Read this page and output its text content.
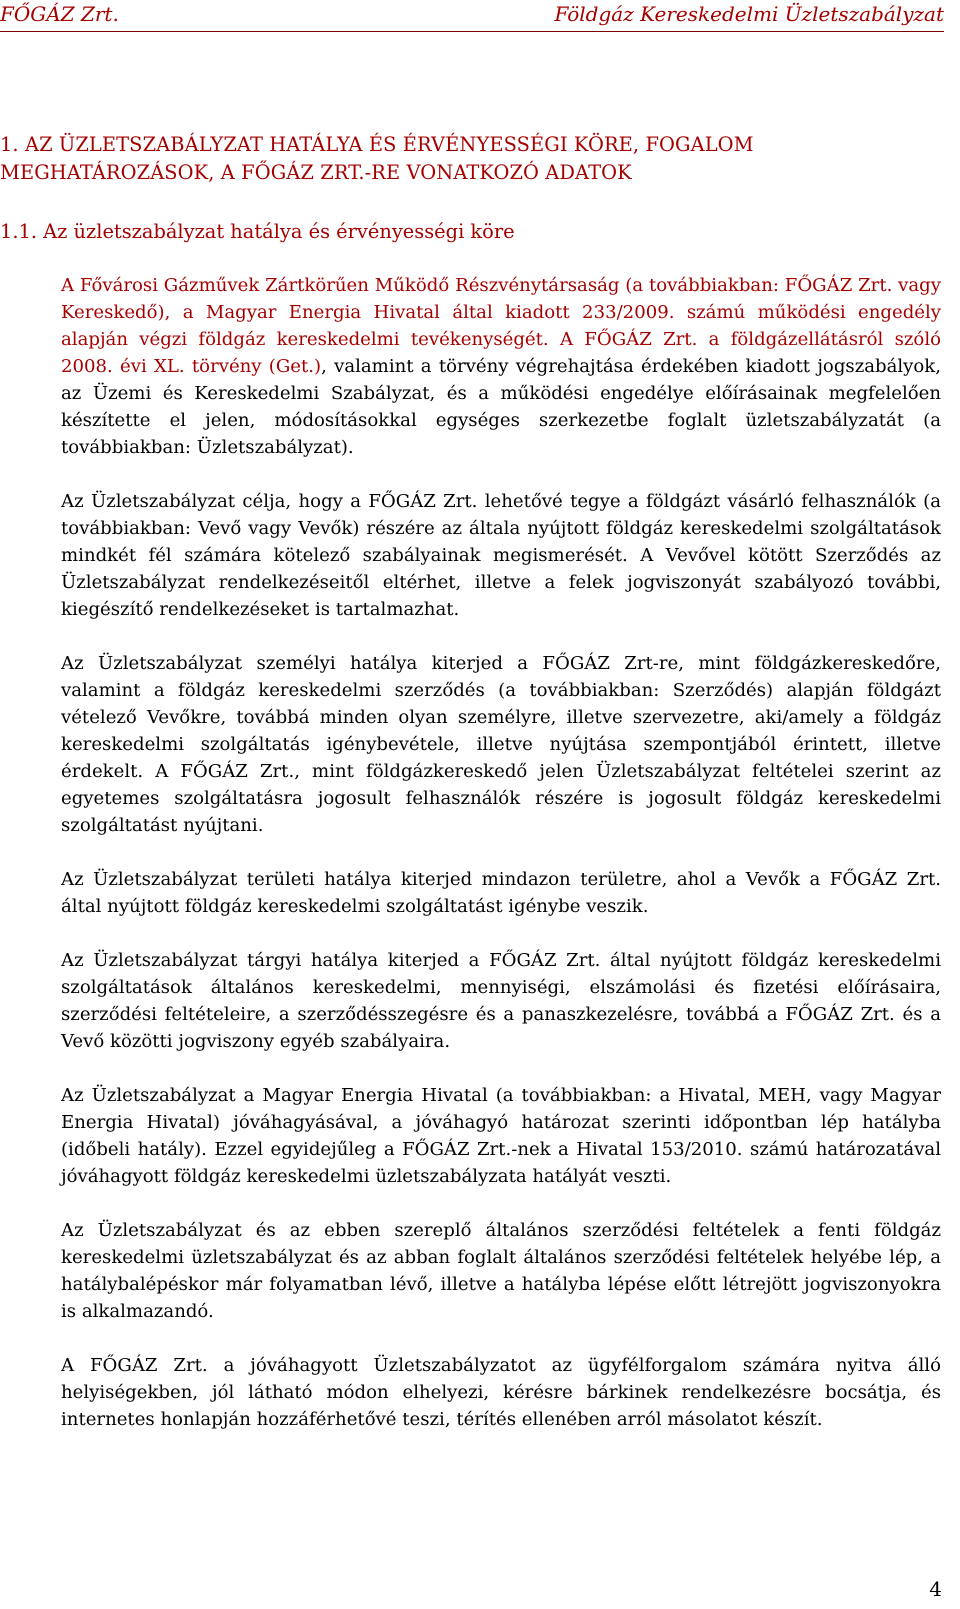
FŐGÁZ Zrt.	Földgáz Kereskedelmi Üzletszabályzat
1. AZ ÜZLETSZABÁLYZAT HATÁLYA ÉS ÉRVÉNYESSÉGI KÖRE, FOGALOM
MEGHATÁROZÁSOK, A FŐGÁZ ZRT.-RE VONATKOZÓ ADATOK
1.1. Az üzletszabályzat hatálya és érvényességi köre

A Fővárosi Gázművek Zártkörűen Működő Részvénytársaság (a továbbiakban: FŐGÁZ Zrt. vagy Kereskedő), a Magyar Energia Hivatal által kiadott 233/2009. számú működési engedély alapján végzi földgáz kereskedelmi tevékenységét. A FŐGÁZ Zrt. a földgázellátásról szóló 2008. évi XL. törvény (Get.), valamint a törvény végrehajtása érdekében kiadott jogszabályok, az Üzemi és Kereskedelmi Szabályzat, és a működési engedélye előírásainak megfelelően készítette el jelen, módosításokkal egységes szerkezetbe foglalt üzletszabályzatát (a továbbiakban: Üzletszabályzat).

Az Üzletszabályzat célja, hogy a FŐGÁZ Zrt. lehetővé tegye a földgázt vásárló felhasználók (a továbbiakban: Vevő vagy Vevők) részére az általa nyújtott földgáz kereskedelmi szolgáltatások mindkét fél számára kötelező szabályainak megismerését. A Vevővel kötött Szerződés az Üzletszabályzat rendelkezéseitől eltérhet, illetve a felek jogviszonyát szabályozó további, kiegészítő rendelkezéseket is tartalmazhat.

Az Üzletszabályzat személyi hatálya kiterjed a FŐGÁZ Zrt-re, mint földgázkereskedőre, valamint a földgáz kereskedelmi szerződés (a továbbiakban: Szerződés) alapján földgázt vételező Vevőkre, továbbá minden olyan személyre, illetve szervezetre, aki/amely a földgáz kereskedelmi szolgáltatás igénybevétele, illetve nyújtása szempontjából érintett, illetve érdekelt. A FŐGÁZ Zrt., mint földgázkereskedő jelen Üzletszabályzat feltételei szerint az egyetemes szolgáltatásra jogosult felhasználók részére is jogosult földgáz kereskedelmi szolgáltatást nyújtani.

Az Üzletszabályzat területi hatálya kiterjed mindazon területre, ahol a Vevők a FŐGÁZ Zrt. által nyújtott földgáz kereskedelmi szolgáltatást igénybe veszik.

Az Üzletszabályzat tárgyi hatálya kiterjed a FŐGÁZ Zrt. által nyújtott földgáz kereskedelmi szolgáltatások általános kereskedelmi, mennyiségi, elszámolási és fizetési előírásaira, szerződési feltételeire, a szerződésszegésre és a panaszkezelésre, továbbá a FŐGÁZ Zrt. és a Vevő közötti jogviszony egyéb szabályaira.

Az Üzletszabályzat a Magyar Energia Hivatal (a továbbiakban: a Hivatal, MEH, vagy Magyar Energia Hivatal) jóváhagyásával, a jóváhagyó határozat szerinti időpontban lép hatályba (időbeli hatály). Ezzel egyidejűleg a FŐGÁZ Zrt.-nek a Hivatal 153/2010. számú határozatával jóváhagyott földgáz kereskedelmi üzletszabályzata hatályát veszti.

Az Üzletszabályzat és az ebben szereplő általános szerződési feltételek a fenti földgáz kereskedelmi üzletszabályzat és az abban foglalt általános szerződési feltételek helyébe lép, a hatálybalépéskor már folyamatban lévő, illetve a hatályba lépése előtt létrejött jogviszonyokra is alkalmazandó.

A FŐGÁZ Zrt. a jóváhagyott Üzletszabályzatot az ügyfélforgalom számára nyitva álló helyiségekben, jól látható módon elhelyezi, kérésre bárkinek rendelkezésre bocsátja, és internetes honlapján hozzáférhetővé teszi, térítés ellenében arról másolatot készít.

4
